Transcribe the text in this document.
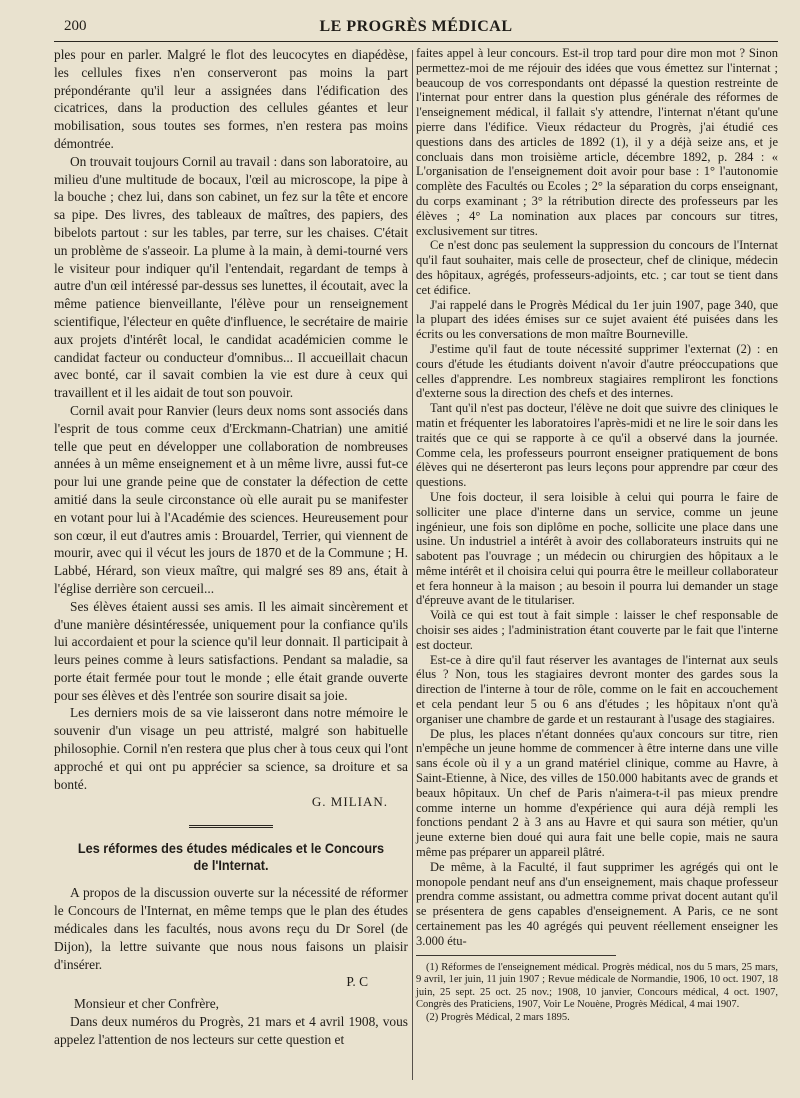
200	LE PROGRÈS MÉDICAL

ples pour en parler. Malgré le flot des leucocytes en diapédèse, les cellules fixes n'en conserveront pas moins la part prépondérante qu'il leur a assignées dans l'édification des cicatrices, dans la production des cellules géantes et leur mobilisation, sous toutes ses formes, n'en restera pas moins démontrée.

On trouvait toujours Cornil au travail : dans son laboratoire, au milieu d'une multitude de bocaux, l'œil au microscope, la pipe à la bouche ; chez lui, dans son cabinet, un fez sur la tête et encore sa pipe. Des livres, des tableaux de maîtres, des papiers, des bibelots partout : sur les tables, par terre, sur les chaises. C'était un problème de s'asseoir. La plume à la main, à demi-tourné vers le visiteur pour indiquer qu'il l'entendait, regardant de temps à autre d'un œil intéressé par-dessus ses lunettes, il écoutait, avec la même patience bienveillante, l'élève pour un renseignement scientifique, l'électeur en quête d'influence, le secrétaire de mairie aux projets d'intérêt local, le candidat académicien comme le candidat facteur ou conducteur d'omnibus... Il accueillait chacun avec bonté, car il savait combien la vie est dure à ceux qui travaillent et il les aidait de tout son pouvoir.

Cornil avait pour Ranvier (leurs deux noms sont associés dans l'esprit de tous comme ceux d'Erckmann-Chatrian) une amitié telle que peut en développer une collaboration de nombreuses années à un même enseignement et à un même livre, aussi fut-ce pour lui une grande peine que de constater la défection de cette amitié dans la seule circonstance où elle aurait pu se manifester en votant pour lui à l'Académie des sciences. Heureusement pour son cœur, il eut d'autres amis : Brouardel, Terrier, qui viennent de mourir, avec qui il vécut les jours de 1870 et de la Commune ; H. Labbé, Hérard, son vieux maître, qui malgré ses 89 ans, était à l'église derrière son cercueil...

Ses élèves étaient aussi ses amis. Il les aimait sincèrement et d'une manière désintéressée, uniquement pour la confiance qu'ils lui accordaient et pour la science qu'il leur donnait. Il participait à leurs peines comme à leurs satisfactions. Pendant sa maladie, sa porte était fermée pour tout le monde ; elle était grande ouverte pour ses élèves et dès l'entrée son sourire disait sa joie.

Les derniers mois de sa vie laisseront dans notre mémoire le souvenir d'un visage un peu attristé, malgré son habituelle philosophie. Cornil n'en restera que plus cher à tous ceux qui l'ont approché et qui ont pu apprécier sa science, sa droiture et sa bonté.

G. MILIAN.
Les réformes des études médicales et le Concours de l'Internat.

A propos de la discussion ouverte sur la nécessité de réformer le Concours de l'Internat, en même temps que le plan des études médicales dans les facultés, nous avons reçu du Dr Sorel (de Dijon), la lettre suivante que nous nous faisons un plaisir d'insérer.

P. C
Monsieur et cher Confrère,

Dans deux numéros du Progrès, 21 mars et 4 avril 1908, vous appelez l'attention de nos lecteurs sur cette question et

faites appel à leur concours. Est-il trop tard pour dire mon mot ? Sinon permettez-moi de me réjouir des idées que vous émettez sur l'internat ; beaucoup de vos correspondants ont dépassé la question restreinte de l'internat pour entrer dans la question plus générale des réformes de l'enseignement médical, il fallait s'y attendre, l'internat n'étant qu'une pierre dans l'édifice. Vieux rédacteur du Progrès, j'ai étudié ces questions dans des articles de 1892 (1), il y a déjà seize ans, et je concluais dans mon troisième article, décembre 1892, p. 284 : « L'organisation de l'enseignement doit avoir pour base : 1° l'autonomie complète des Facultés ou Ecoles ; 2° la séparation du corps enseignant, du corps examinant ; 3° la rétribution directe des professeurs par les élèves ; 4° La nomination aux places par concours sur titres, exclusivement sur titres.

Ce n'est donc pas seulement la suppression du concours de l'Internat qu'il faut souhaiter, mais celle de prosecteur, chef de clinique, médecin des hôpitaux, agrégés, professeurs-adjoints, etc. ; car tout se tient dans cet édifice.

J'ai rappelé dans le Progrès Médical du 1er juin 1907, page 340, que la plupart des idées émises sur ce sujet avaient été puisées dans les écrits ou les conversations de mon maître Bourneville.

J'estime qu'il faut de toute nécessité supprimer l'externat (2) : en cours d'étude les étudiants doivent n'avoir d'autre préoccupations que celles d'apprendre. Les nombreux stagiaires rempliront les fonctions d'externe sous la direction des chefs et des internes.

Tant qu'il n'est pas docteur, l'élève ne doit que suivre des cliniques le matin et fréquenter les laboratoires l'après-midi et ne lire le soir dans les traités que ce qui se rapporte à ce qu'il a observé dans la journée. Comme cela, les professeurs pourront enseigner pratiquement de bons élèves qui ne déserteront pas leurs leçons pour apprendre par cœur des questions.

Une fois docteur, il sera loisible à celui qui pourra le faire de solliciter une place d'interne dans un service, comme un jeune ingénieur, une fois son diplôme en poche, sollicite une place dans une usine. Un industriel a intérêt à avoir des collaborateurs instruits qui ne sabotent pas l'ouvrage ; un médecin ou chirurgien des hôpitaux a le même intérêt et il choisira celui qui pourra être le meilleur collaborateur et fera honneur à la maison ; au besoin il pourra lui demander un stage d'épreuve avant de le titulariser.

Voilà ce qui est tout à fait simple : laisser le chef responsable de choisir ses aides ; l'administration étant couverte par le fait que l'interne est docteur.

Est-ce à dire qu'il faut réserver les avantages de l'internat aux seuls élus ? Non, tous les stagiaires devront monter des gardes sous la direction de l'interne à tour de rôle, comme on le fait en accouchement et cela pendant leur 5 ou 6 ans d'études ; les hôpitaux n'ont qu'à organiser une chambre de garde et un restaurant à l'usage des stagiaires.

De plus, les places n'étant données qu'aux concours sur titre, rien n'empêche un jeune homme de commencer à être interne dans une ville sans école où il y a un grand matériel clinique, comme au Havre, à Saint-Etienne, à Nice, des villes de 150.000 habitants avec de grands et beaux hôpitaux. Un chef de Paris n'aimera-t-il pas mieux prendre comme interne un homme d'expérience qui aura déjà rempli les fonctions pendant 2 à 3 ans au Havre et qui saura son métier, qu'un jeune externe bien doué qui aura fait une belle copie, mais ne saura même pas préparer un appareil plâtré.

De même, à la Faculté, il faut supprimer les agrégés qui ont le monopole pendant neuf ans d'un enseignement, mais chaque professeur prendra comme assistant, ou admettra comme privat docent autant qu'il se présentera de gens capables d'enseignement. A Paris, ce ne sont certainement pas les 40 agrégés qui peuvent réellement enseigner les 3.000 étu-

(1) Réformes de l'enseignement médical. Progrès médical, nos du 5 mars, 25 mars, 9 avril, 1er juin, 11 juin 1907 ; Revue médicale de Normandie, 1906, 10 oct. 1907, 18 juin, 25 sept. 25 oct. 25 nov.; 1908, 10 janvier, Concours médical, 4 oct. 1907, Congrès des Praticiens, 1907, Voir Le Nouène, Progrès Médical, 4 mai 1907.

(2) Progrès Médical, 2 mars 1895.
